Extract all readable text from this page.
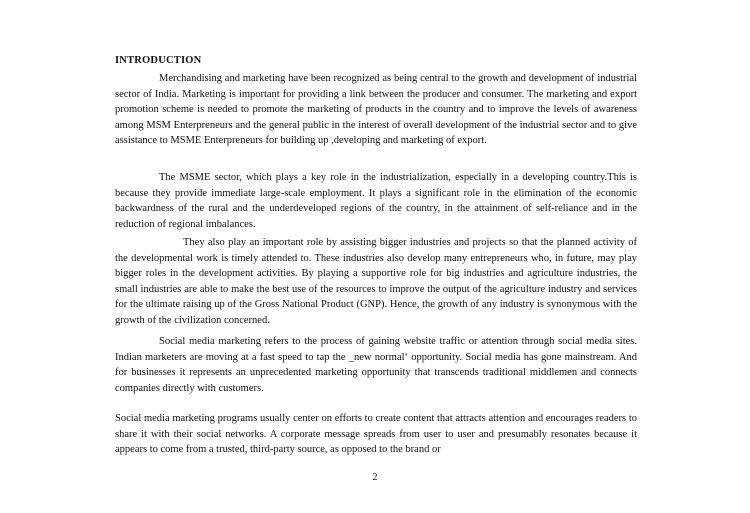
INTRODUCTION

Merchandising and marketing have been recognized as being central to the growth and development of industrial sector of India. Marketing is important for providing a link between the producer and consumer. The marketing and export promotion scheme is needed to promote the marketing of products in the country and to improve the levels of awareness among MSM Enterpreneurs and the general public in the interest of overall development of the industrial sector and to give assistance to MSME Enterpreneurs for building up ,developing and marketing of export.

The MSME sector, which plays a key role in the industrialization, especially in a developing country.This is because they provide immediate large-scale employment. It plays a significant role in the elimination of the economic backwardness of the rural and the underdeveloped regions of the country, in the attainment of self-reliance and in the reduction of regional imbalances.

They also play an important role by assisting bigger industries and projects so that the planned activity of the developmental work is timely attended to. These industries also develop many entrepreneurs who, in future, may play bigger roles in the development activities. By playing a supportive role for big industries and agriculture industries, the small industries are able to make the best use of the resources to improve the output of the agriculture industry and services for the ultimate raising up of the Gross National Product (GNP). Hence, the growth of any industry is synonymous with the growth of the civilization concerned.

Social media marketing refers to the process of gaining website traffic or attention through social media sites. Indian marketers are moving at a fast speed to tap the _new normal‘ opportunity. Social media has gone mainstream. And for businesses it represents an unprecedented marketing opportunity that transcends traditional middlemen and connects companies directly with customers.

Social media marketing programs usually center on efforts to create content that attracts attention and encourages readers to share it with their social networks. A corporate message spreads from user to user and presumably resonates because it appears to come from a trusted, third-party source, as opposed to the brand or

2
